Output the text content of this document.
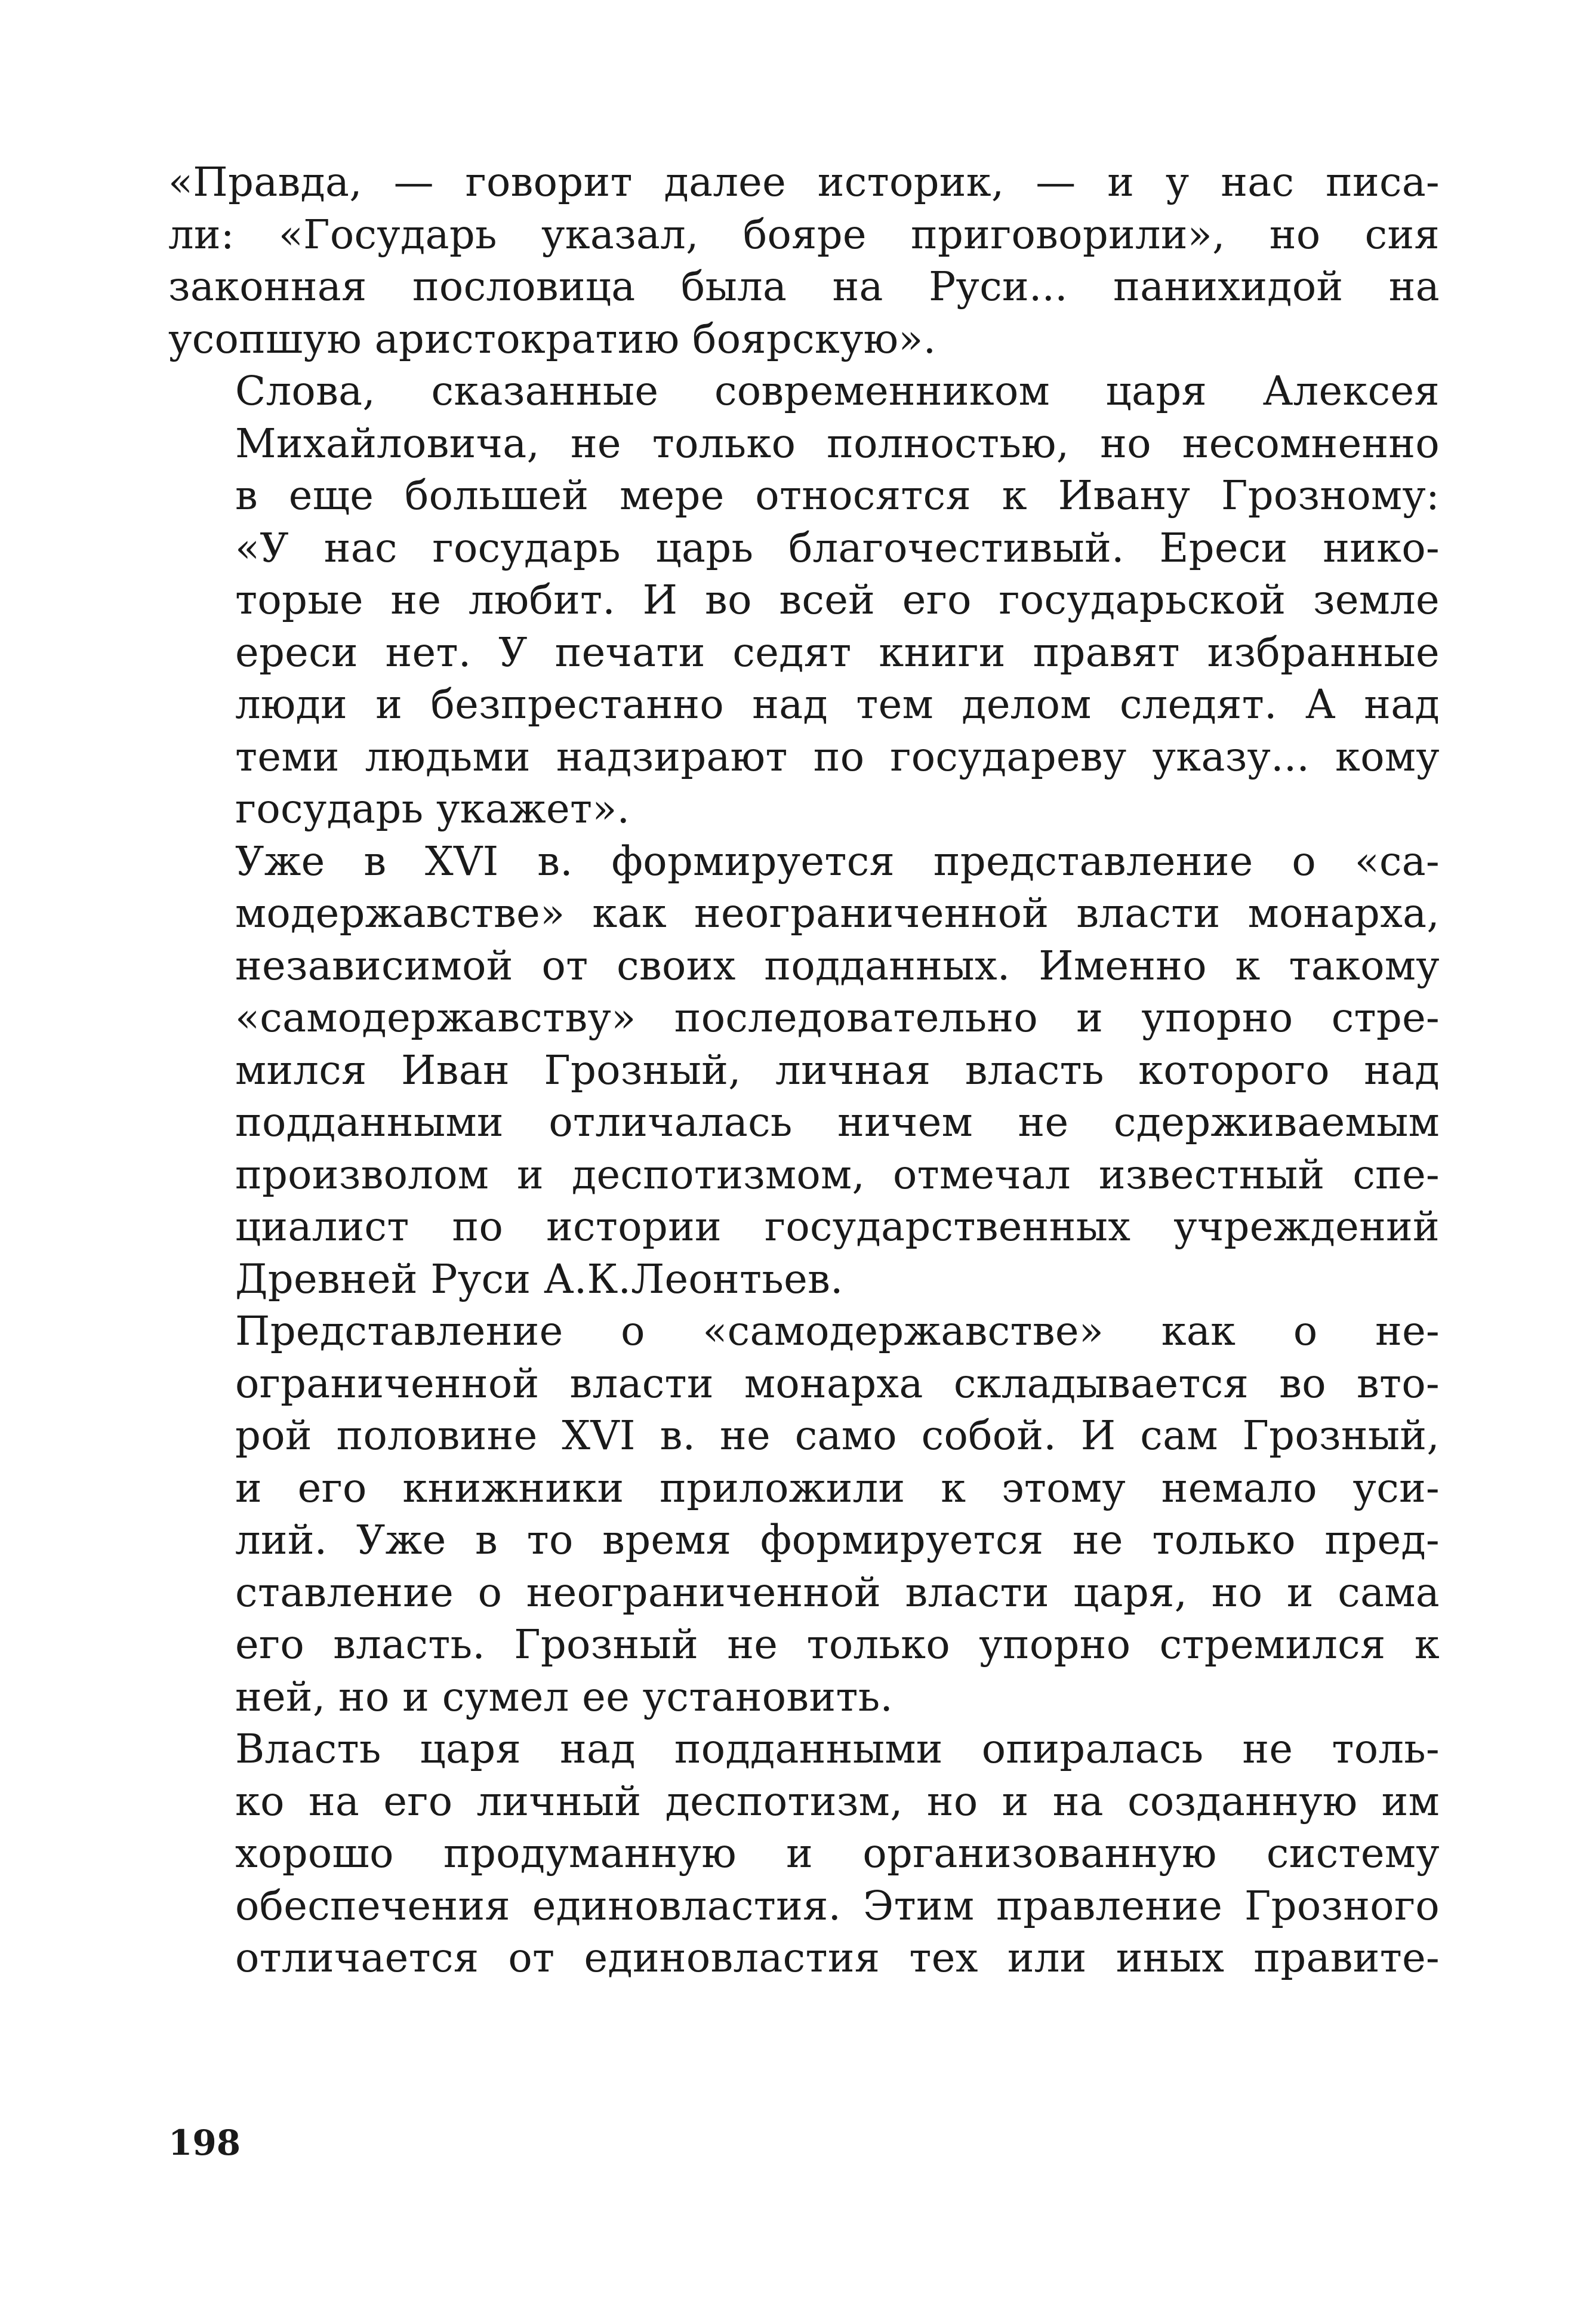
«Правда, — говорит далее историк, — и у нас писа-
ли: «Государь указал, бояре приговорили», но сия
законная пословица была на Руси... панихидой на
усопшую аристократию боярскую».

Слова, сказанные современником царя Алексея
Михайловича, не только полностью, но несомненно
в еще большей мере относятся к Ивану Грозному:
«У нас государь царь благочестивый. Ереси нико-
торые не любит. И во всей его государьской земле
ереси нет. У печати седят книги правят избранные
люди и безпрестанно над тем делом следят. А над
теми людьми надзирают по государеву указу... кому
государь укажет».

Уже в XVI в. формируется представление о «са-
модержавстве» как неограниченной власти монарха,
независимой от своих подданных. Именно к такому
«самодержавству» последовательно и упорно стре-
мился Иван Грозный, личная власть которого над
подданными отличалась ничем не сдерживаемым
произволом и деспотизмом, отмечал известный спе-
циалист по истории государственных учреждений
Древней Руси А.К.Леонтьев.

Представление о «самодержавстве» как о не-
ограниченной власти монарха складывается во вто-
рой половине XVI в. не само собой. И сам Грозный,
и его книжники приложили к этому немало уси-
лий. Уже в то время формируется не только пред-
ставление о неограниченной власти царя, но и сама
его власть. Грозный не только упорно стремился к
ней, но и сумел ее установить.

Власть царя над подданными опиралась не толь-
ко на его личный деспотизм, но и на созданную им
хорошо продуманную и организованную систему
обеспечения единовластия. Этим правление Грозного
отличается от единовластия тех или иных правите-

198
